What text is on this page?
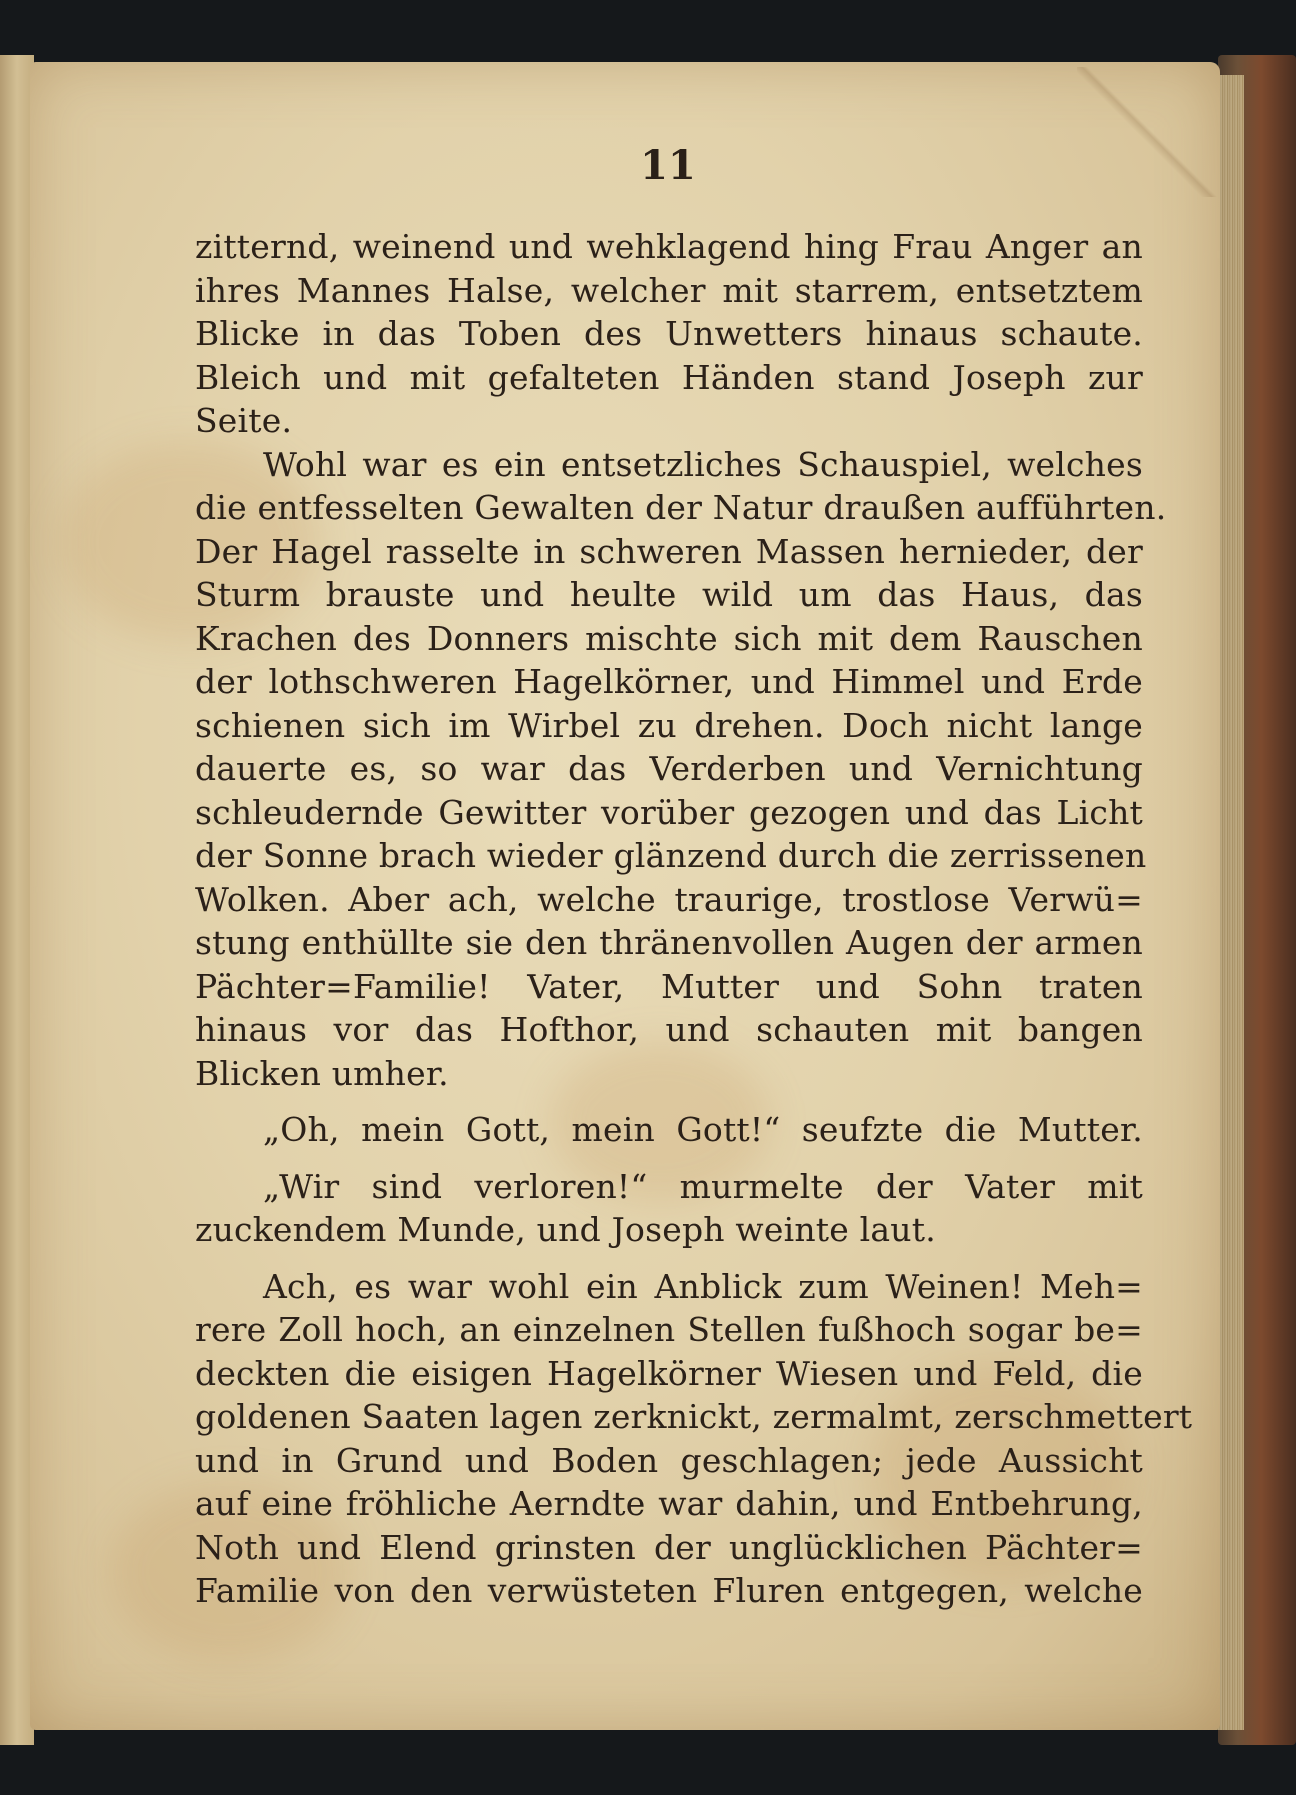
11
zitternd, weinend und wehklagend hing Frau Anger an
ihres Mannes Halse, welcher mit starrem, entsetztem
Blicke in das Toben des Unwetters hinaus schaute.
Bleich und mit gefalteten Händen stand Joseph zur
Seite.
Wohl war es ein entsetzliches Schauspiel, welches
die entfesselten Gewalten der Natur draußen aufführten.
Der Hagel rasselte in schweren Massen hernieder, der
Sturm brauste und heulte wild um das Haus, das
Krachen des Donners mischte sich mit dem Rauschen
der lothschweren Hagelkörner, und Himmel und Erde
schienen sich im Wirbel zu drehen. Doch nicht lange
dauerte es, so war das Verderben und Vernichtung
schleudernde Gewitter vorüber gezogen und das Licht
der Sonne brach wieder glänzend durch die zerrissenen
Wolken. Aber ach, welche traurige, trostlose Verwü=
stung enthüllte sie den thränenvollen Augen der armen
Pächter=Familie! Vater, Mutter und Sohn traten
hinaus vor das Hofthor, und schauten mit bangen
Blicken umher.
„Oh, mein Gott, mein Gott!“ seufzte die Mutter.
„Wir sind verloren!“ murmelte der Vater mit
zuckendem Munde, und Joseph weinte laut.
Ach, es war wohl ein Anblick zum Weinen! Meh=
rere Zoll hoch, an einzelnen Stellen fußhoch sogar be=
deckten die eisigen Hagelkörner Wiesen und Feld, die
goldenen Saaten lagen zerknickt, zermalmt, zerschmettert
und in Grund und Boden geschlagen; jede Aussicht
auf eine fröhliche Aerndte war dahin, und Entbehrung,
Noth und Elend grinsten der unglücklichen Pächter=
Familie von den verwüsteten Fluren entgegen, welche
